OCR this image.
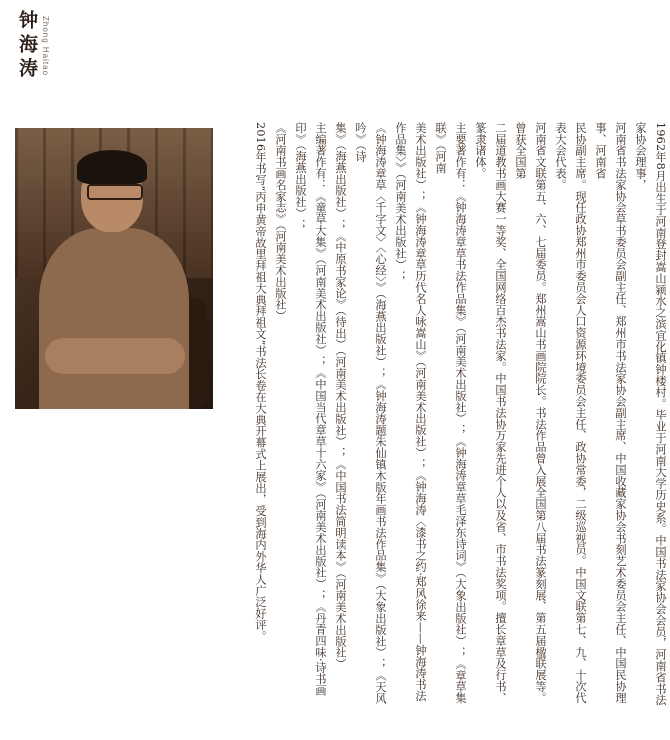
钟海涛 Zhong Haitao

1962年8月出生于河南登封嵩山颍水之滨宜化镇钟楼村。毕业于河南大学历史系。中国书法家协会会员，河南省书法家协会理事，

河南省书法家协会草书委员会副主任、郑州市书法家协会副主席、中国收藏家协会书刻艺术委员会主任、中国民协理事、河南省

民协副主席。现任政协郑州市委员会人口资源环境委员会主任、政协常委，二级巡视员。中国文联第七、九、十次代表大会代表。

河南省文联第五、六、七届委员。郑州嵩山书画院院长。书法作品曾入展全国第八届书法篆刻展、第五届楹联展等。曾获全国第

二届道教书画大赛一等奖、全国网络百杰书法家。中国书法协万家先进个人以及省、市书法奖项。擅长章草及行书、篆隶诸体。

主要著作有：《钟海涛章草书法作品集》（河南美术出版社）；《钟海涛章草毛泽东诗词》（大象出版社）；《章草集联》（河南

美术出版社）；《钟海涛章草历代名人咏嵩山》（河南美术出版社）；《钟海涛〈漆书之约·郑风徐来——钟海涛书法作品集〉》（河南美术出版社）；

《钟海涛章草〈千字文〉〈心经〉》（海燕出版社）；《钟海涛题朱仙镇木版年画书法作品集》（大象出版社）；《天风吟》（诗

集》（海燕出版社）；《中原书家论》（待出）（河南美术出版社）；《中国书法简明读本》（河南美术出版社）

主编著作有：《童草大集》（河南美术出版社）；《中国当代章草十六家》（河南美术出版社）；《丹青四味·诗书画印》（海燕出版社）；

《河南书画名家志》（河南美术出版社）

2016年书写“丙申黄帝故里拜祖大典拜祖文”书法长卷在大典开幕式上展出，受到海内外华人广泛好评。
